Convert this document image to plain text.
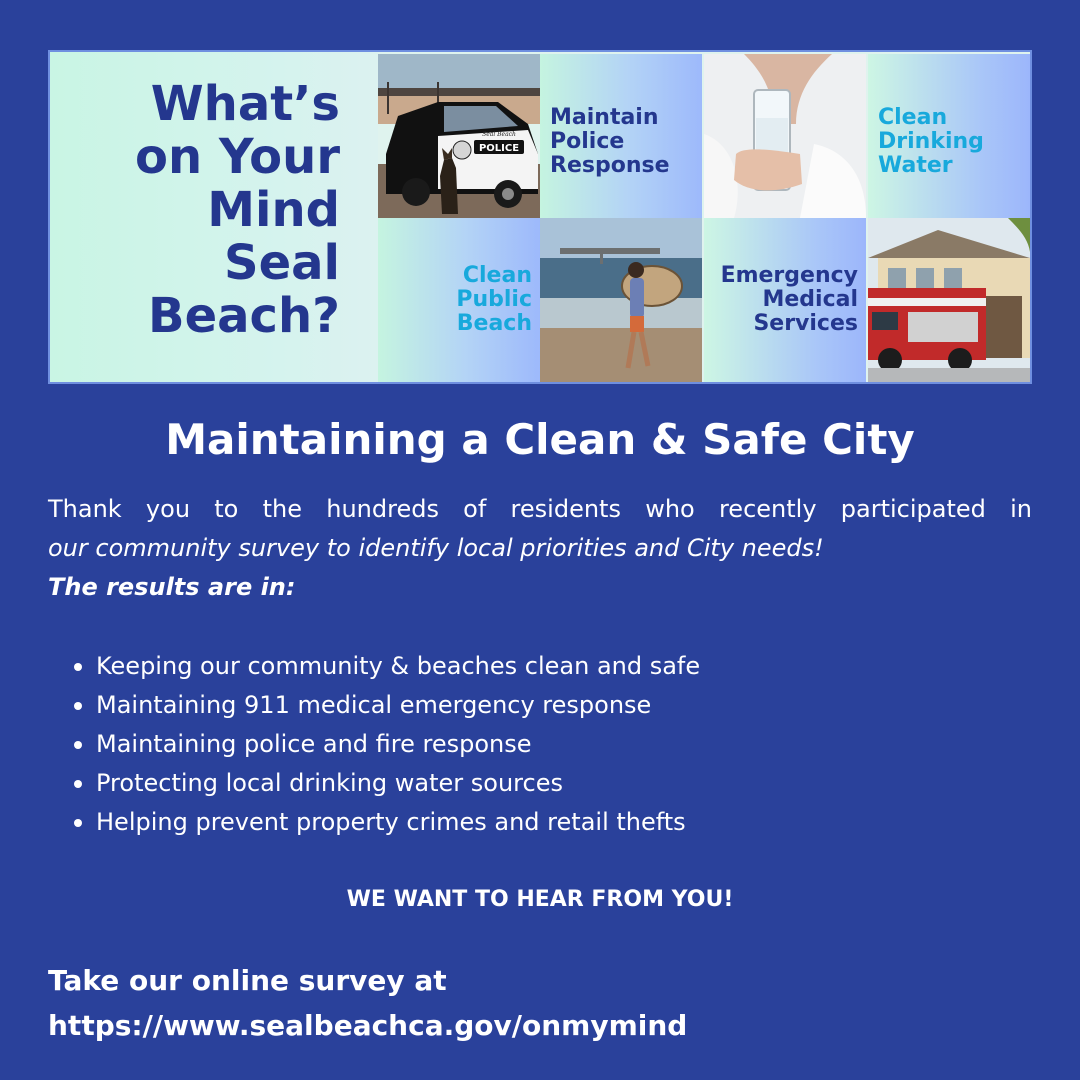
What’s
on Your
Mind
Seal
Beach?
POLICE
Seal Beach
Maintain
Police
Response
Clean
Drinking
Water
Clean
Public
Beach
Emergency
Medical
Services
Maintaining a Clean & Safe City
Thank you to the hundreds of residents who recently participated in
our community survey to identify local priorities and City needs!
The results are in:
Keeping our community & beaches clean and safe
Maintaining 911 medical emergency response
Maintaining police and fire response
Protecting local drinking water sources
Helping prevent property crimes and retail thefts
WE WANT TO HEAR FROM YOU!
Take our online survey at
https://www.sealbeachca.gov/onmymind
